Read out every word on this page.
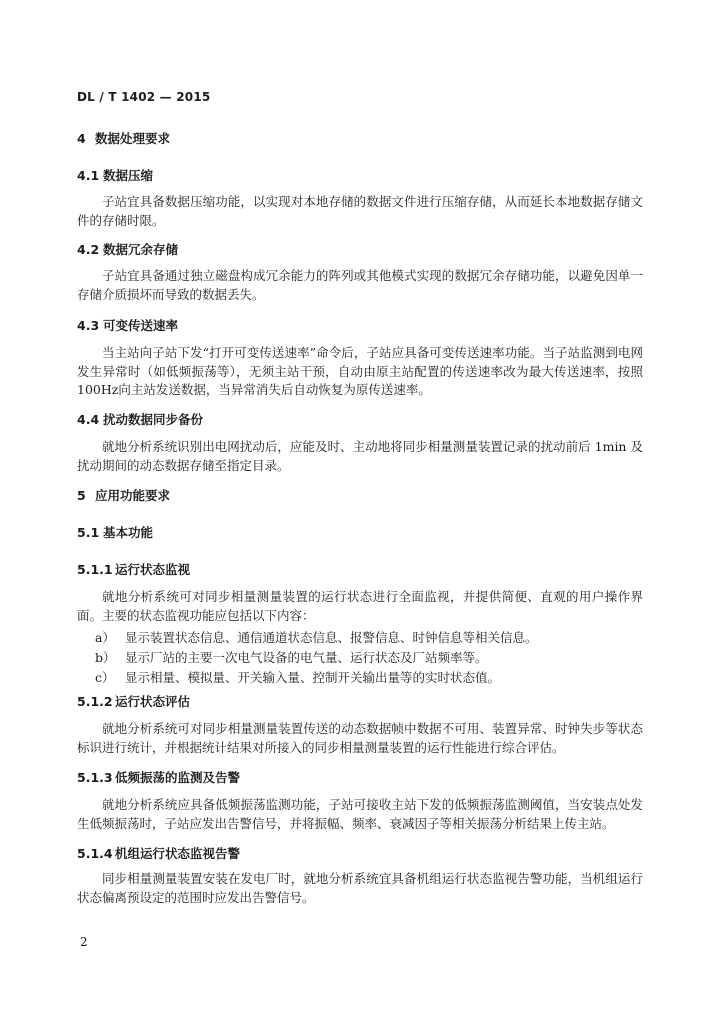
DL / T 1402 — 2015
4 数据处理要求
4.1 数据压缩
子站宜具备数据压缩功能，以实现对本地存储的数据文件进行压缩存储，从而延长本地数据存储文件的存储时限。
4.2 数据冗余存储
子站宜具备通过独立磁盘构成冗余能力的阵列或其他模式实现的数据冗余存储功能，以避免因单一存储介质损坏而导致的数据丢失。
4.3 可变传送速率
当主站向子站下发“打开可变传送速率”命令后，子站应具备可变传送速率功能。当子站监测到电网发生异常时（如低频振荡等），无须主站干预，自动由原主站配置的传送速率改为最大传送速率，按照100Hz向主站发送数据，当异常消失后自动恢复为原传送速率。
4.4 扰动数据同步备份
就地分析系统识别出电网扰动后，应能及时、主动地将同步相量测量装置记录的扰动前后 1min 及扰动期间的动态数据存储至指定目录。
5 应用功能要求
5.1 基本功能
5.1.1 运行状态监视
就地分析系统可对同步相量测量装置的运行状态进行全面监视，并提供简便、直观的用户操作界面。主要的状态监视功能应包括以下内容：
a） 显示装置状态信息、通信通道状态信息、报警信息、时钟信息等相关信息。
b） 显示厂站的主要一次电气设备的电气量、运行状态及厂站频率等。
c） 显示相量、模拟量、开关输入量、控制开关输出量等的实时状态值。
5.1.2 运行状态评估
就地分析系统可对同步相量测量装置传送的动态数据帧中数据不可用、装置异常、时钟失步等状态标识进行统计，并根据统计结果对所接入的同步相量测量装置的运行性能进行综合评估。
5.1.3 低频振荡的监测及告警
就地分析系统应具备低频振荡监测功能，子站可接收主站下发的低频振荡监测阈值，当安装点处发生低频振荡时，子站应发出告警信号，并将振幅、频率、衰减因子等相关振荡分析结果上传主站。
5.1.4 机组运行状态监视告警
同步相量测量装置安装在发电厂时，就地分析系统宜具备机组运行状态监视告警功能，当机组运行状态偏离预设定的范围时应发出告警信号。
2
